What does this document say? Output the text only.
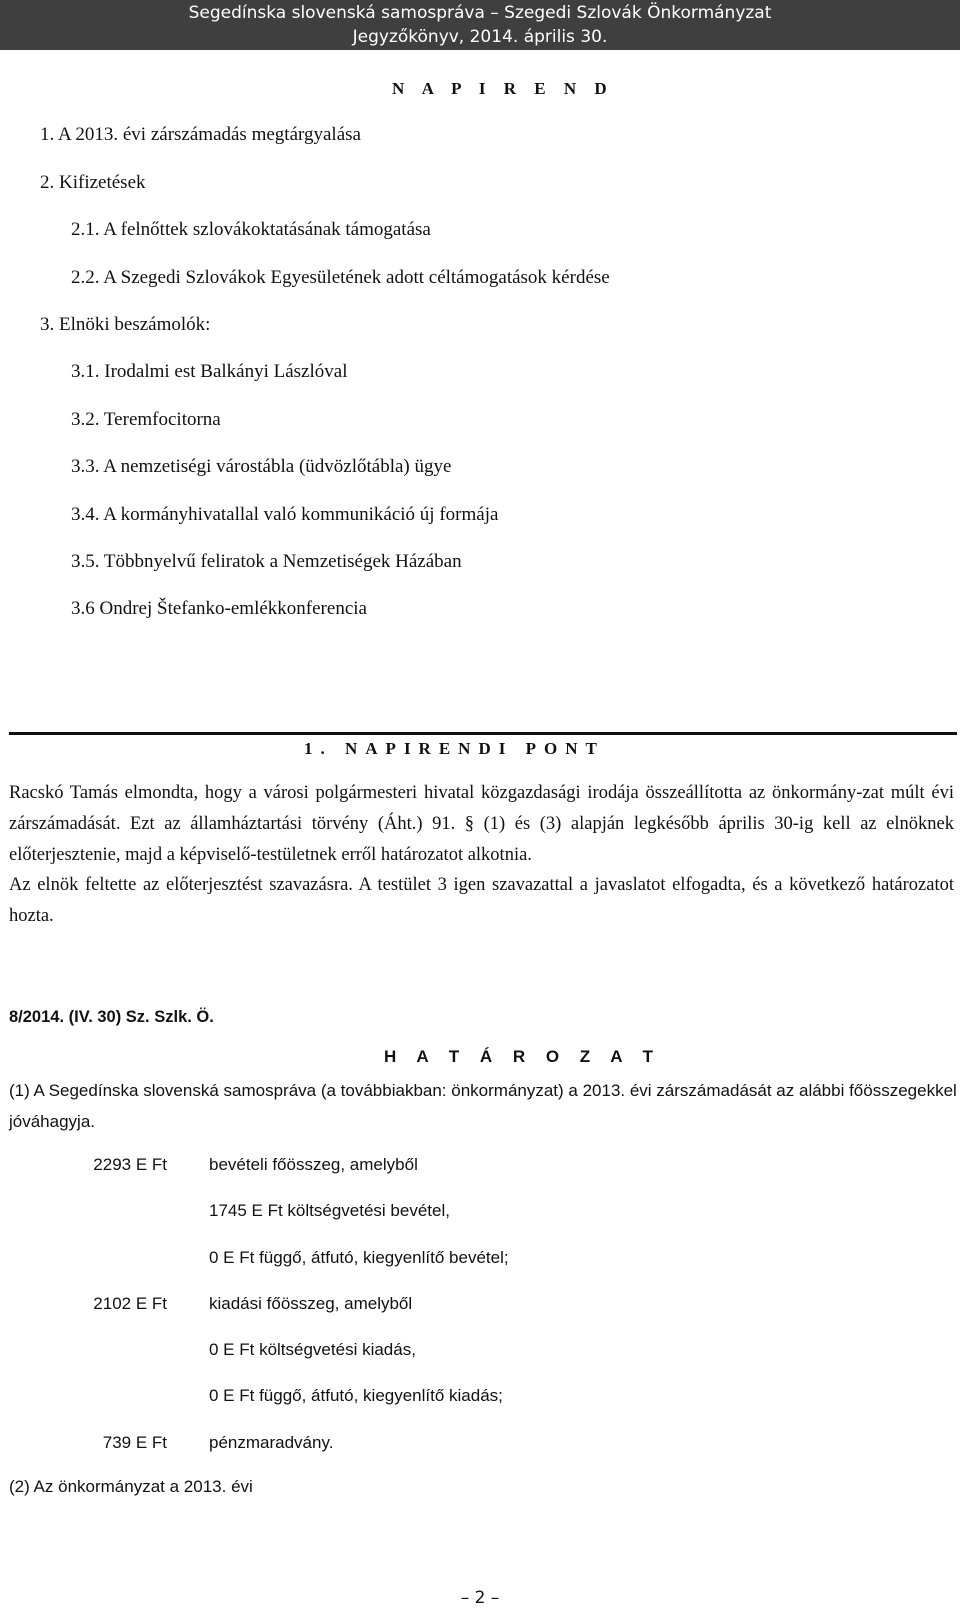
Segedínska slovenská samospráva – Szegedi Szlovák Önkormányzat
Jegyzőkönyv, 2014. április 30.
N A P I R E N D
1. A 2013. évi zárszámadás megtárgyalása
2. Kifizetések
2.1. A felnőttek szlovákoktatásának támogatása
2.2. A Szegedi Szlovákok Egyesületének adott céltámogatások kérdése
3. Elnöki beszámolók:
3.1. Irodalmi est Balkányi Lászlóval
3.2. Teremfocitorna
3.3. A nemzetiségi várostábla (üdvözlőtábla) ügye
3.4. A kormányhivatallal való kommunikáció új formája
3.5. Többnyelvű feliratok a Nemzetiségek Házában
3.6 Ondrej Štefanko-emlékkonferencia
1. NAPIRENDI PONT
Racskó Tamás elmondta, hogy a városi polgármesteri hivatal közgazdasági irodája összeállította az önkormány-zat múlt évi zárszámadását. Ezt az államháztartási törvény (Áht.) 91. § (1) és (3) alapján legkésőbb április 30-ig kell az elnöknek előterjesztenie, majd a képviselő-testületnek erről határozatot alkotnia.
Az elnök feltette az előterjesztést szavazásra. A testület 3 igen szavazattal a javaslatot elfogadta, és a következő határozatot hozta.
8/2014. (IV. 30) Sz. Szlk. Ö.
H A T Á R O Z A T
(1) A Segedínska slovenská samospráva (a továbbiakban: önkormányzat) a 2013. évi zárszámadását az alábbi főösszegekkel jóváhagyja.
2293 E Ft bevételi főösszeg, amelyből
1745 E Ft költségvetési bevétel,
0 E Ft függő, átfutó, kiegyenlítő bevétel;
2102 E Ft kiadási főösszeg, amelyből
0 E Ft költségvetési kiadás,
0 E Ft függő, átfutó, kiegyenlítő kiadás;
739 E Ft pénzmaradvány.
(2) Az önkormányzat a 2013. évi
– 2 –
